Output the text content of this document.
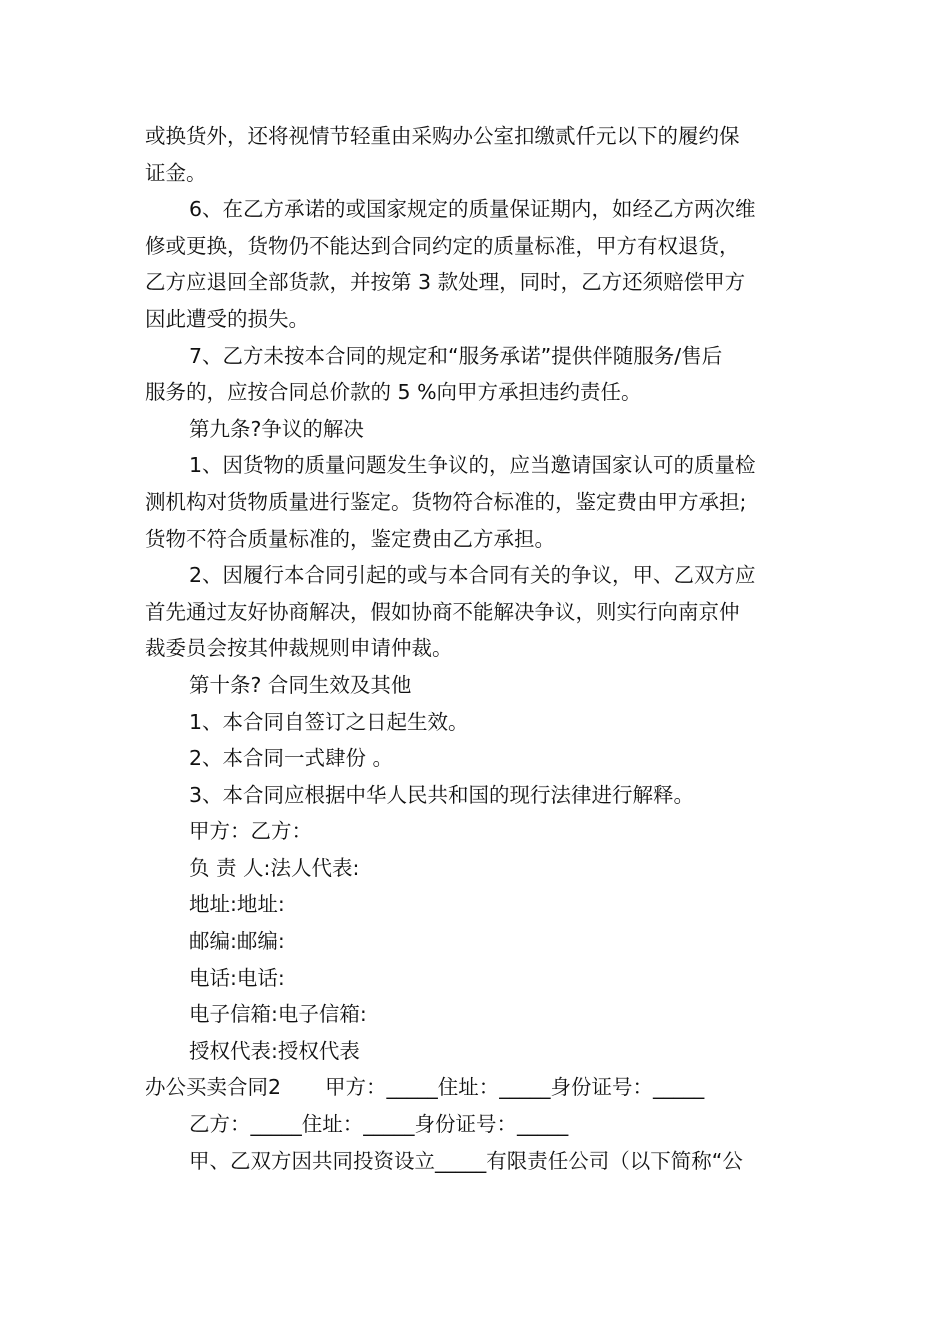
或换货外，还将视情节轻重由采购办公室扣缴贰仟元以下的履约保
证金。
6、在乙方承诺的或国家规定的质量保证期内，如经乙方两次维
修或更换，货物仍不能达到合同约定的质量标准，甲方有权退货，
乙方应退回全部货款，并按第 3 款处理，同时，乙方还须赔偿甲方
因此遭受的损失。
7、乙方未按本合同的规定和“服务承诺”提供伴随服务/售后
服务的，应按合同总价款的 5 %向甲方承担违约责任。
第九条?争议的解决
1、因货物的质量问题发生争议的，应当邀请国家认可的质量检
测机构对货物质量进行鉴定。货物符合标准的，鉴定费由甲方承担;
货物不符合质量标准的，鉴定费由乙方承担。
2、因履行本合同引起的或与本合同有关的争议，甲、乙双方应
首先通过友好协商解决，假如协商不能解决争议，则实行向南京仲
裁委员会按其仲裁规则申请仲裁。
第十条? 合同生效及其他
1、本合同自签订之日起生效。
2、本合同一式肆份 。
3、本合同应根据中华人民共和国的现行法律进行解释。
甲方：乙方：
负 责 人:法人代表:
地址:地址:
邮编:邮编:
电话:电话:
电子信箱:电子信箱:
授权代表:授权代表
办公买卖合同2 甲方：_____住址：_____身份证号：_____
乙方：_____住址：_____身份证号：_____
甲、乙双方因共同投资设立_____有限责任公司（以下简称“公
